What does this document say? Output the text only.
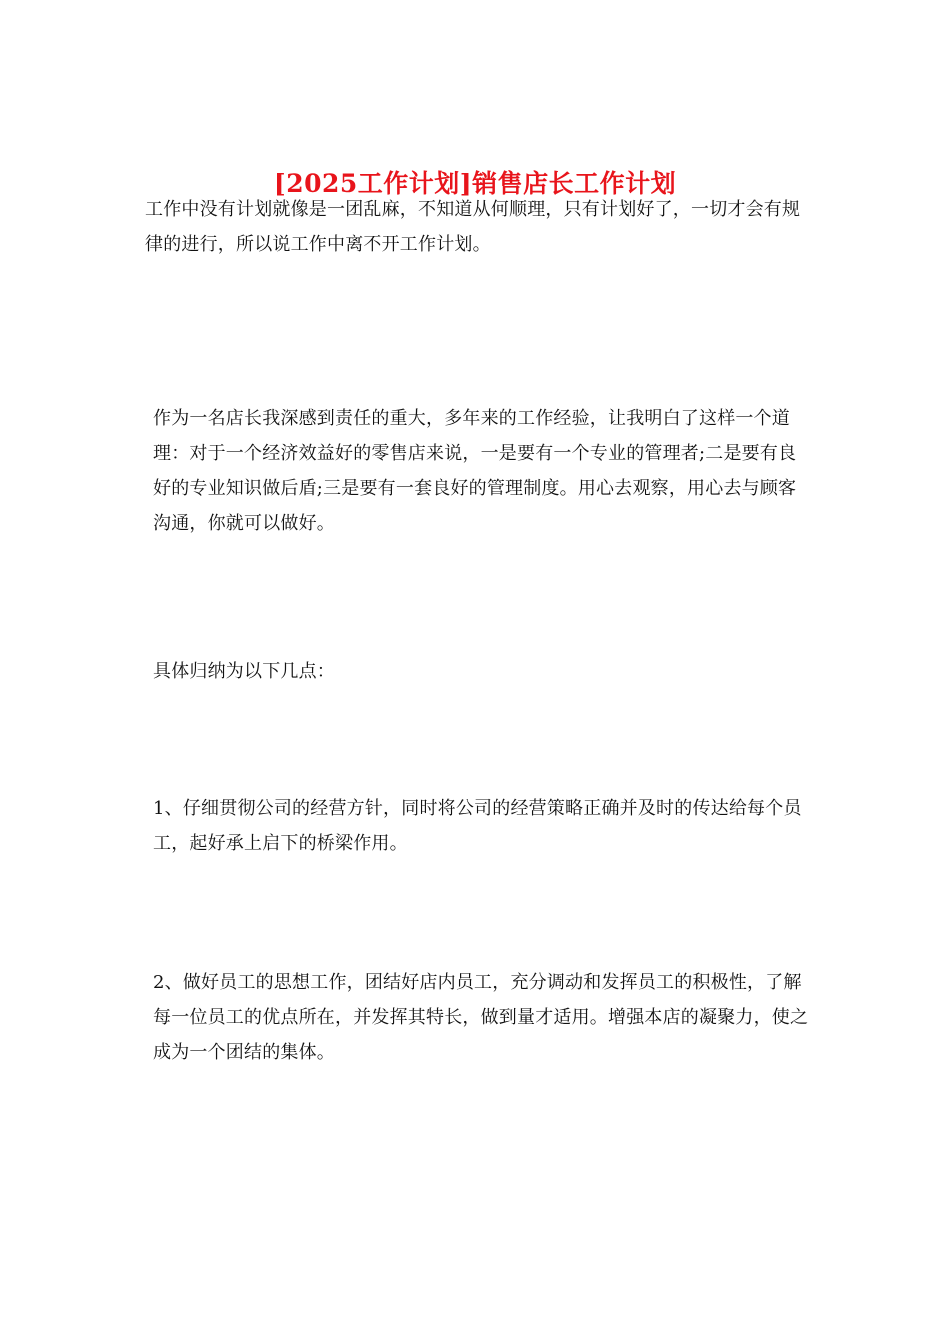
[2025工作计划]销售店长工作计划

工作中没有计划就像是一团乱麻，不知道从何顺理，只有计划好了，一切才会有规律的进行，所以说工作中离不开工作计划。

作为一名店长我深感到责任的重大，多年来的工作经验，让我明白了这样一个道理：对于一个经济效益好的零售店来说，一是要有一个专业的管理者;二是要有良好的专业知识做后盾;三是要有一套良好的管理制度。用心去观察，用心去与顾客沟通，你就可以做好。

具体归纳为以下几点：

1、仔细贯彻公司的经营方针，同时将公司的经营策略正确并及时的传达给每个员工，起好承上启下的桥梁作用。

2、做好员工的思想工作，团结好店内员工，充分调动和发挥员工的积极性，了解每一位员工的优点所在，并发挥其特长，做到量才适用。增强本店的凝聚力，使之成为一个团结的集体。
